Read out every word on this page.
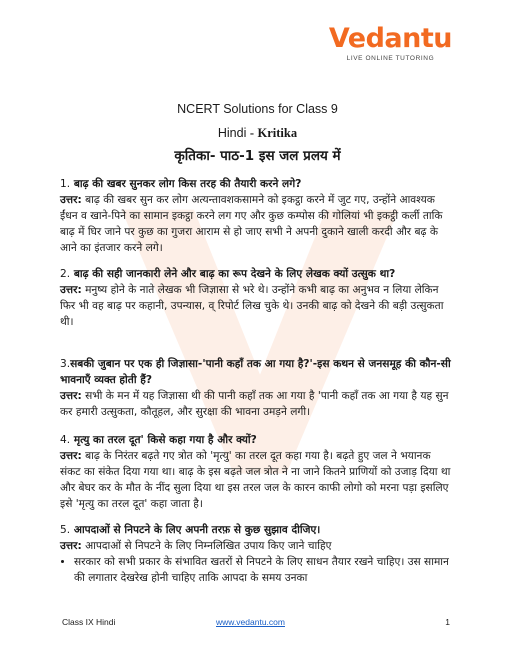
Vedantu
LIVE ONLINE TUTORING
NCERT Solutions for Class 9
Hindi - Kritika
कृतिका- पाठ-1 इस जल प्रलय में
1. बाढ़ की खबर सुनकर लोग किस तरह की तैयारी करने लगे?
उत्तर: बाढ़ की खबर सुन कर लोग अत्यन्तावशकसामने को इकट्ठा करने में जुट गए, उन्होंने आवश्यक ईंधन व खाने-पिने का सामान इकट्ठा करने लग गए और कुछ कम्पोस की गोलियां भी इकट्ठी कर्ली ताकि बाढ़ में घिर जाने पर कुछ का गुजरा आराम से हो जाए सभी ने अपनी दुकाने खाली करदी और बढ़ के आने का इंतजार करने लगे।
2. बाढ़ की सही जानकारी लेने और बाढ़ का रूप देखने के लिए लेखक क्यों उत्सुक था?
उत्तर: मनुष्य होने के नाते लेखक भी जिज्ञासा से भरे थे। उन्होंने कभी बाढ़ का अनुभव न लिया लेकिन फिर भी वह बाढ़ पर कहानी, उपन्यास, व् रिपोर्ट लिख चुके थे। उनकी बाढ़ को देखने की बड़ी उत्सुकता थी।
3.सबकी जुबान पर एक ही जिज्ञासा-'पानी कहाँ तक आ गया है?'-इस कथन से जनसमूह की कौन-सी भावनाएँ व्यक्त होती हैं?
उत्तर: सभी के मन में यह जिज्ञासा थी की पानी कहाँ तक आ गया है 'पानी कहाँ तक आ गया है यह सुन कर हमारी उत्सुकता, कौतूहल, और सुरक्षा की भावना उमड़ने लगी।
4. मृत्यु का तरल दूत' किसे कहा गया है और क्यों?
उत्तर: बाढ़ के निरंतर बढ़ते गए त्रोत को 'मृत्यु' का तरल दूत कहा गया है। बढ़ते हुए जल ने भयानक संकट का संकेत दिया गया था। बाढ़ के इस बढ़ते जल त्रोत ने ना जाने कितने प्राणियों को उजाड़ दिया था और बेघर कर के मौत के नींद सुला दिया था इस तरल जल के कारन काफी लोगो को मरना पड़ा इसलिए इसे 'मृत्यु का तरल दूत' कहा जाता है।
5. आपदाओं से निपटने के लिए अपनी तरफ़ से कुछ सुझाव दीजिए।
उत्तर: आपदाओं से निपटने के लिए निम्नलिखित उपाय किए जाने चाहिए
• सरकार को सभी प्रकार के संभावित खतरों से निपटने के लिए साधन तैयार रखने चाहिए। उस सामान की लगातार देखरेख होनी चाहिए ताकि आपदा के समय उनका
Class IX Hindi	www.vedantu.com	1
